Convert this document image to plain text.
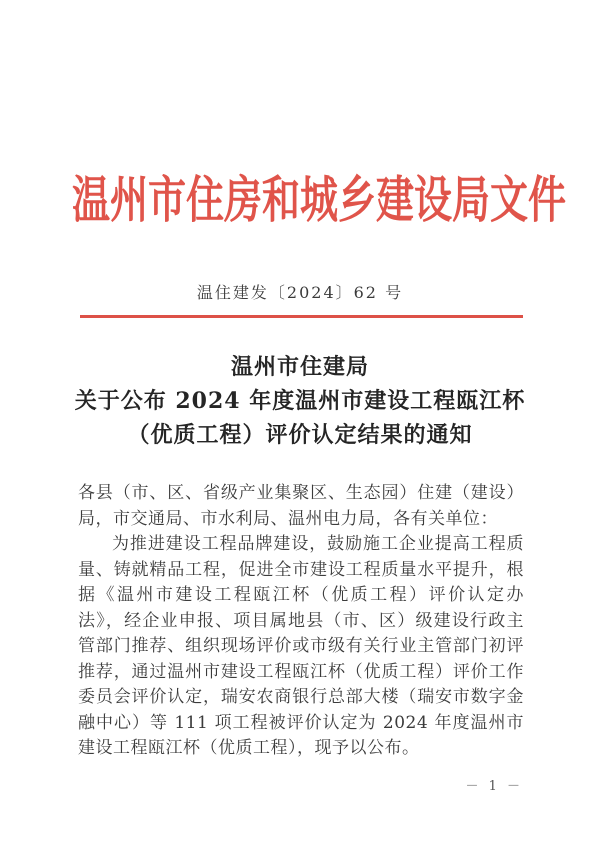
温州市住房和城乡建设局文件
温住建发〔2024〕62 号
温州市住建局
关于公布 2024 年度温州市建设工程瓯江杯
（优质工程）评价认定结果的通知

各县（市、区、省级产业集聚区、生态园）住建（建设）局，市交通局、市水利局、温州电力局，各有关单位：

为推进建设工程品牌建设，鼓励施工企业提高工程质量、铸就精品工程，促进全市建设工程质量水平提升，根据《温州市建设工程瓯江杯（优质工程）评价认定办法》，经企业申报、项目属地县（市、区）级建设行政主管部门推荐、组织现场评价或市级有关行业主管部门初评推荐，通过温州市建设工程瓯江杯（优质工程）评价工作委员会评价认定，瑞安农商银行总部大楼（瑞安市数字金融中心）等 111 项工程被评价认定为 2024 年度温州市建设工程瓯江杯（优质工程），现予以公布。

－ 1 －
